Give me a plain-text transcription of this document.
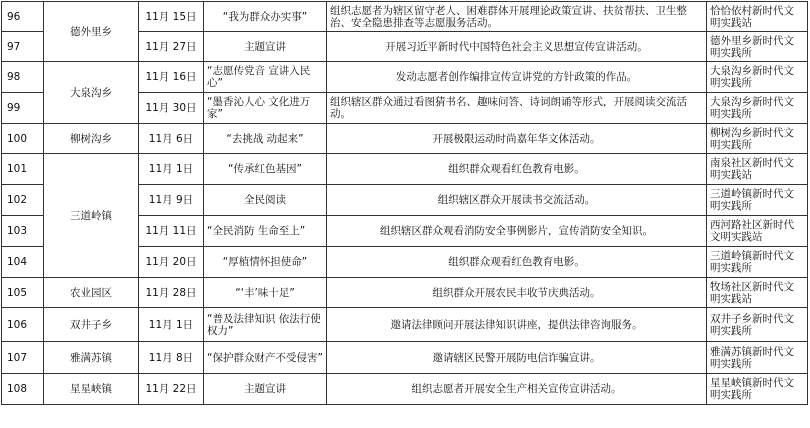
96	德外里乡	11月 15日	“我为群众办实事”	组织志愿者为辖区留守老人、困难群体开展理论政策宣讲、扶贫帮扶、卫生整治、安全隐患排查等志愿服务活动。	恰恰依村新时代文明实践站

97		11月 27日	主题宣讲	开展习近平新时代中国特色社会主义思想宣传宣讲活动。	德外里乡新时代文明实践所

98	大泉沟乡	11月 16日	“志愿传党音 宣讲入民心”	发动志愿者创作编排宣传宣讲党的方针政策的作品。	大泉沟乡新时代文明实践所

99		11月 30日	“墨香沁人心 文化进万家”	组织辖区群众通过看图猜书名、趣味问答、诗词朗诵等形式，开展阅读交流活动。	大泉沟乡新时代文明实践所

100	柳树沟乡	11月 6日	“去挑战 动起来”	开展极限运动时尚嘉年华文体活动。	柳树沟乡新时代文明实践所

101	三道岭镇	11月 1日	“传承红色基因”	组织群众观看红色教育电影。	南泉社区新时代文明实践站

102		11月 9日	全民阅读	组织辖区群众开展读书交流活动。	三道岭镇新时代文明实践所

103		11月 11日	“全民消防 生命至上”	组织辖区群众观看消防安全事例影片，宣传消防安全知识。	西河路社区新时代文明实践站

104		11月 20日	“厚植情怀担使命”	组织群众观看红色教育电影。	三道岭镇新时代文明实践所

105	农业园区	11月 28日	“‘丰’味十足”	组织群众开展农民丰收节庆典活动。	牧场社区新时代文明实践站

106	双井子乡	11月 1日	“普及法律知识 依法行使权力”	邀请法律顾问开展法律知识讲座，提供法律咨询服务。	双井子乡新时代文明实践所

107	雅满苏镇	11月 8日	“保护群众财产不受侵害”	邀请辖区民警开展防电信诈骗宣讲。	雅满苏镇新时代文明实践所

108	星星峡镇	11月 22日	主题宣讲	组织志愿者开展安全生产相关宣传宣讲活动。	星星峡镇新时代文明实践所
